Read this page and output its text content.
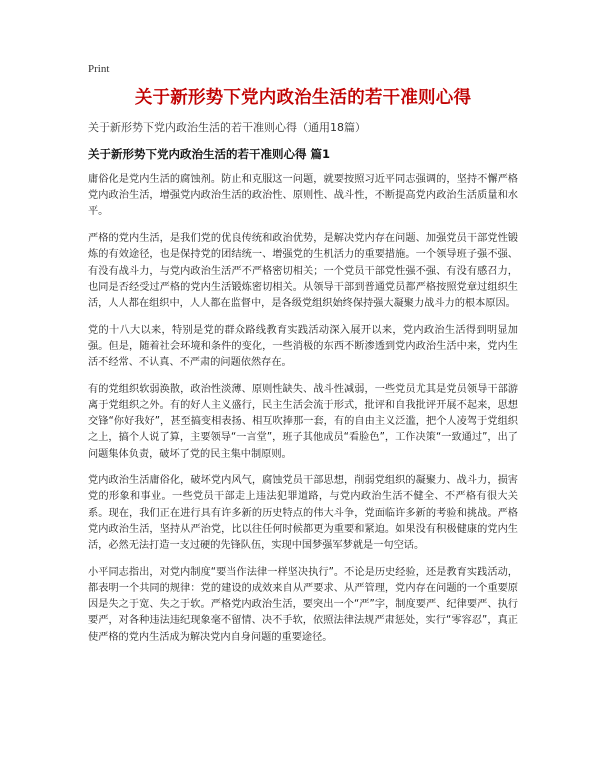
Print
关于新形势下党内政治生活的若干准则心得
关于新形势下党内政治生活的若干准则心得（通用18篇）
关于新形势下党内政治生活的若干准则心得 篇1

庸俗化是党内生活的腐蚀剂。防止和克服这一问题，就要按照习近平同志强调的，坚持不懈严格党内政治生活，增强党内政治生活的政治性、原则性、战斗性，不断提高党内政治生活质量和水平。

严格的党内生活，是我们党的优良传统和政治优势，是解决党内存在问题、加强党员干部党性锻炼的有效途径，也是保持党的团结统一、增强党的生机活力的重要措施。一个领导班子强不强、有没有战斗力，与党内政治生活严不严格密切相关；一个党员干部党性强不强、有没有感召力，也同是否经受过严格的党内生活锻炼密切相关。从领导干部到普通党员都严格按照党章过组织生活，人人都在组织中，人人都在监督中，是各级党组织始终保持强大凝聚力战斗力的根本原因。

党的十八大以来，特别是党的群众路线教育实践活动深入展开以来，党内政治生活得到明显加强。但是，随着社会环境和条件的变化，一些消极的东西不断渗透到党内政治生活中来，党内生活不经常、不认真、不严肃的问题依然存在。

有的党组织软弱涣散，政治性淡薄、原则性缺失、战斗性减弱，一些党员尤其是党员领导干部游离于党组织之外。有的好人主义盛行，民主生活会流于形式，批评和自我批评开展不起来，思想交锋“你好我好”，甚至搞变相表扬、相互吹捧那一套，有的自由主义泛滥，把个人凌驾于党组织之上，搞个人说了算，主要领导“一言堂”，班子其他成员“看脸色”，工作决策“一致通过”，出了问题集体负责，破坏了党的民主集中制原则。

党内政治生活庸俗化，破坏党内风气，腐蚀党员干部思想，削弱党组织的凝聚力、战斗力，损害党的形象和事业。一些党员干部走上违法犯罪道路，与党内政治生活不健全、不严格有很大关系。现在，我们正在进行具有许多新的历史特点的伟大斗争，党面临许多新的考验和挑战。严格党内政治生活，坚持从严治党，比以往任何时候都更为重要和紧迫。如果没有积极健康的党内生活，必然无法打造一支过硬的先锋队伍，实现中国梦强军梦就是一句空话。

小平同志指出，对党内制度“要当作法律一样坚决执行”。不论是历史经验，还是教育实践活动，都表明一个共同的规律：党的建设的成效来自从严要求、从严管理，党内存在问题的一个重要原因是失之于宽、失之于软。严格党内政治生活，要突出一个“严”字，制度要严、纪律要严、执行要严，对各种违法违纪现象毫不留情、决不手软，依照法律法规严肃惩处，实行“零容忍”，真正使严格的党内生活成为解决党内自身问题的重要途径。
